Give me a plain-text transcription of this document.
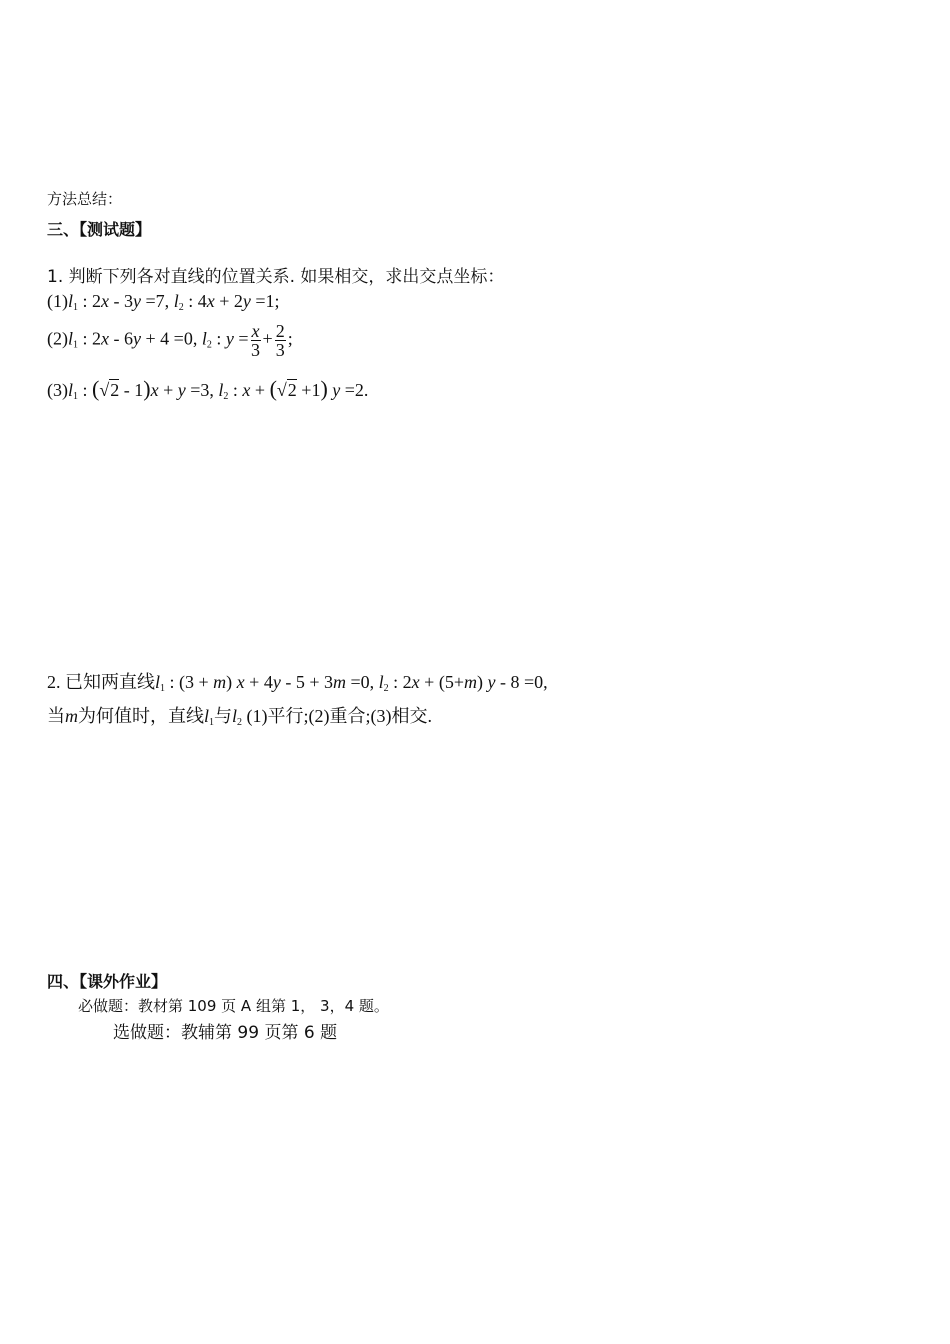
方法总结：
三、【测试题】
1. 判断下列各对直线的位置关系. 如果相交，求出交点坐标：
$(1)l_1$ : 2x - 3y =7, $l_2$ : 4x + 2y =1;
$(2)l_1$ : 2x - 6y + 4 =0, $l_2$ : $y = \frac{x}{3} + \frac{2}{3}$ ;
$(3)l_1$ : (√2 - 1)x + y =3, $l_2$ : x + (√2 +1) y =2.
2. 已知两直线$l_1$ : (3 + m) x + 4y - 5 + 3m =0, $l_2$ : 2x + (5+m) y - 8 =0,
当m为何值时，直线$l_1$与$l_2$ (1)平行;(2)重合;(3)相交.
四、【课外作业】
必做题：教材第 109 页 A 组第 1， 3，4 题。
选做题：教辅第 99 页第 6 题
